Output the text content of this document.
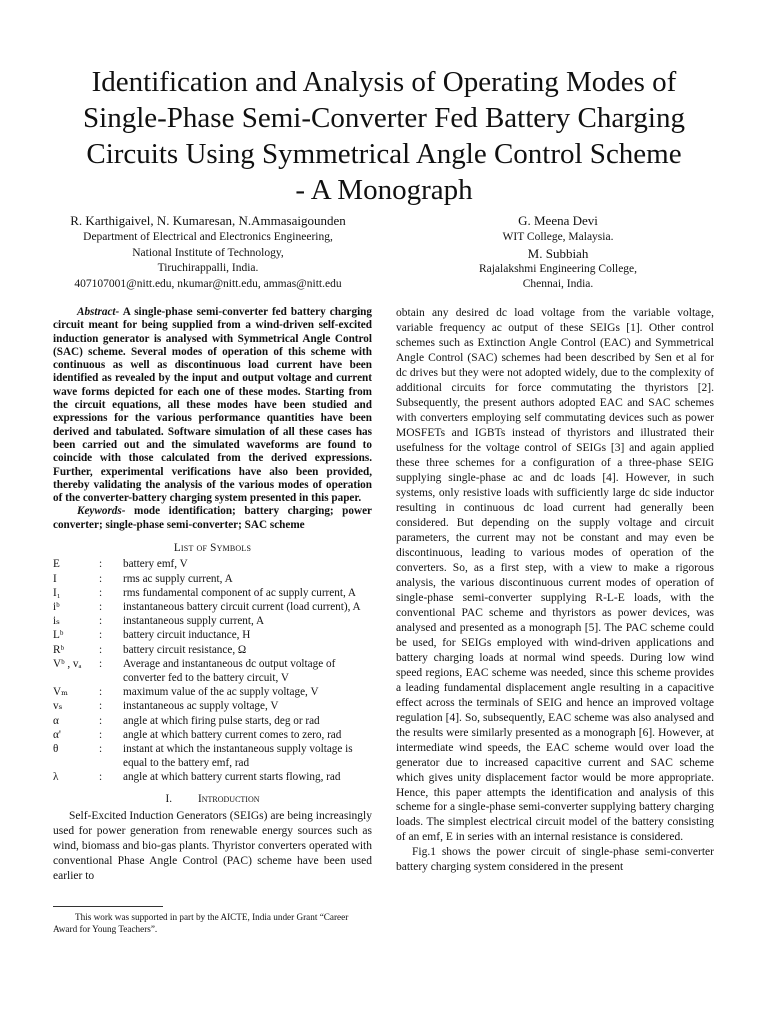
Identification and Analysis of Operating Modes of
Single-Phase Semi-Converter Fed Battery Charging
Circuits Using Symmetrical Angle Control Scheme
- A Monograph
R. Karthigaivel, N. Kumaresan, N.Ammasaigounden
Department of Electrical and Electronics Engineering,
National Institute of Technology,
Tiruchirappalli, India.
407107001@nitt.edu, nkumar@nitt.edu, ammas@nitt.edu
G. Meena Devi
WIT College, Malaysia.
M. Subbiah
Rajalakshmi Engineering College,
Chennai, India.

Abstract- A single-phase semi-converter fed battery charging circuit meant for being supplied from a wind-driven self-excited induction generator is analysed with Symmetrical Angle Control (SAC) scheme. Several modes of operation of this scheme with continuous as well as discontinuous load current have been identified as revealed by the input and output voltage and current wave forms depicted for each one of these modes. Starting from the circuit equations, all these modes have been studied and expressions for the various performance quantities have been derived and tabulated. Software simulation of all these cases has been carried out and the simulated waveforms are found to coincide with those calculated from the derived expressions. Further, experimental verifications have also been provided, thereby validating the analysis of the various modes of operation of the converter-battery charging system presented in this paper.

Keywords- mode identification; battery charging; power converter; single-phase semi-converter; SAC scheme

List of Symbols
E	:	battery emf, V
I	:	rms ac supply current, A
I₁	:	rms fundamental component of ac supply current, A
iᵇ	:	instantaneous battery circuit current (load current), A
iₛ	:	instantaneous supply current, A
Lᵇ	:	battery circuit inductance, H
Rᵇ	:	battery circuit resistance, Ω
Vᵇ , vₐ	:	Average and instantaneous dc output voltage of converter fed to the battery circuit, V
Vₘ	:	maximum value of the ac supply voltage, V
vₛ	:	instantaneous ac supply voltage, V
α	:	angle at which firing pulse starts, deg or rad
α'	:	angle at which battery current comes to zero, rad
θ	:	instant at which the instantaneous supply voltage is equal to the battery emf, rad
λ	:	angle at which battery current starts flowing, rad
I. Introduction

Self-Excited Induction Generators (SEIGs) are being increasingly used for power generation from renewable energy sources such as wind, biomass and bio-gas plants. Thyristor converters operated with conventional Phase Angle Control (PAC) scheme have been used earlier to

This work was supported in part by the AICTE, India under Grant “Career Award for Young Teachers”.

obtain any desired dc load voltage from the variable voltage, variable frequency ac output of these SEIGs [1]. Other control schemes such as Extinction Angle Control (EAC) and Symmetrical Angle Control (SAC) schemes had been described by Sen et al for dc drives but they were not adopted widely, due to the complexity of additional circuits for force commutating the thyristors [2]. Subsequently, the present authors adopted EAC and SAC schemes with converters employing self commutating devices such as power MOSFETs and IGBTs instead of thyristors and illustrated their usefulness for the voltage control of SEIGs [3] and again applied these three schemes for a configuration of a three-phase SEIG supplying single-phase ac and dc loads [4]. However, in such systems, only resistive loads with sufficiently large dc side inductor resulting in continuous dc load current had generally been considered. But depending on the supply voltage and circuit parameters, the current may not be constant and may even be discontinuous, leading to various modes of operation of the converters. So, as a first step, with a view to make a rigorous analysis, the various discontinuous current modes of operation of single-phase semi-converter supplying R-L-E loads, with the conventional PAC scheme and thyristors as power devices, was analysed and presented as a monograph [5]. The PAC scheme could be used, for SEIGs employed with wind-driven applications and battery charging loads at normal wind speeds. During low wind speed regions, EAC scheme was needed, since this scheme provides a leading fundamental displacement angle resulting in a capacitive effect across the terminals of SEIG and hence an improved voltage regulation [4]. So, subsequently, EAC scheme was also analysed and the results were similarly presented as a monograph [6]. However, at intermediate wind speeds, the EAC scheme would over load the generator due to increased capacitive current and SAC scheme which gives unity displacement factor would be more appropriate. Hence, this paper attempts the identification and analysis of this scheme for a single-phase semi-converter supplying battery charging loads. The simplest electrical circuit model of the battery consisting of an emf, E in series with an internal resistance is considered.

Fig.1 shows the power circuit of single-phase semi-converter battery charging system considered in the present
